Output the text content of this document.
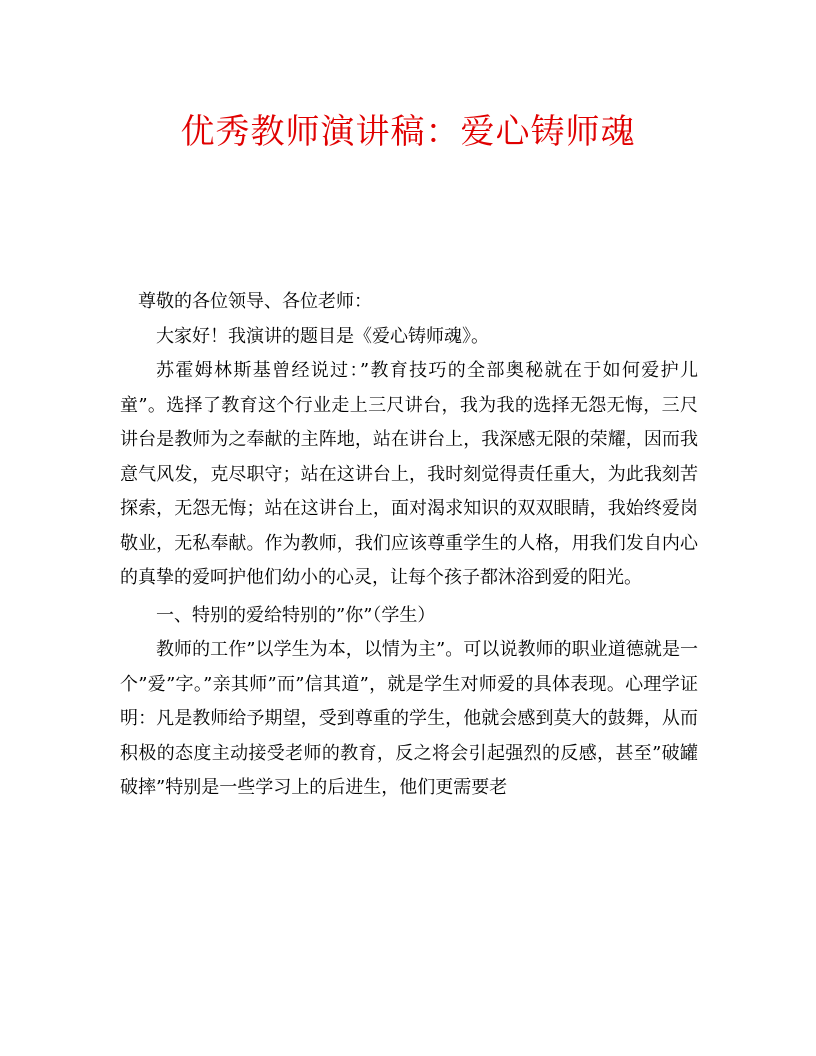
优秀教师演讲稿：爱心铸师魂

尊敬的各位领导、各位老师：

大家好！我演讲的题目是《爱心铸师魂》。

苏霍姆林斯基曾经说过：”教育技巧的全部奥秘就在于如何爱护儿童”。选择了教育这个行业走上三尺讲台，我为我的选择无怨无悔，三尺讲台是教师为之奉献的主阵地，站在讲台上，我深感无限的荣耀，因而我意气风发，克尽职守；站在这讲台上，我时刻觉得责任重大，为此我刻苦探索，无怨无悔；站在这讲台上，面对渴求知识的双双眼睛，我始终爱岗敬业，无私奉献。作为教师，我们应该尊重学生的人格，用我们发自内心的真挚的爱呵护他们幼小的心灵，让每个孩子都沐浴到爱的阳光。

一、特别的爱给特别的”你”（学生）

教师的工作”以学生为本，以情为主”。可以说教师的职业道德就是一个”爱”字。”亲其师”而”信其道”，就是学生对师爱的具体表现。心理学证明：凡是教师给予期望，受到尊重的学生，他就会感到莫大的鼓舞，从而积极的态度主动接受老师的教育，反之将会引起强烈的反感，甚至”破罐破摔”特别是一些学习上的后进生，他们更需要老
